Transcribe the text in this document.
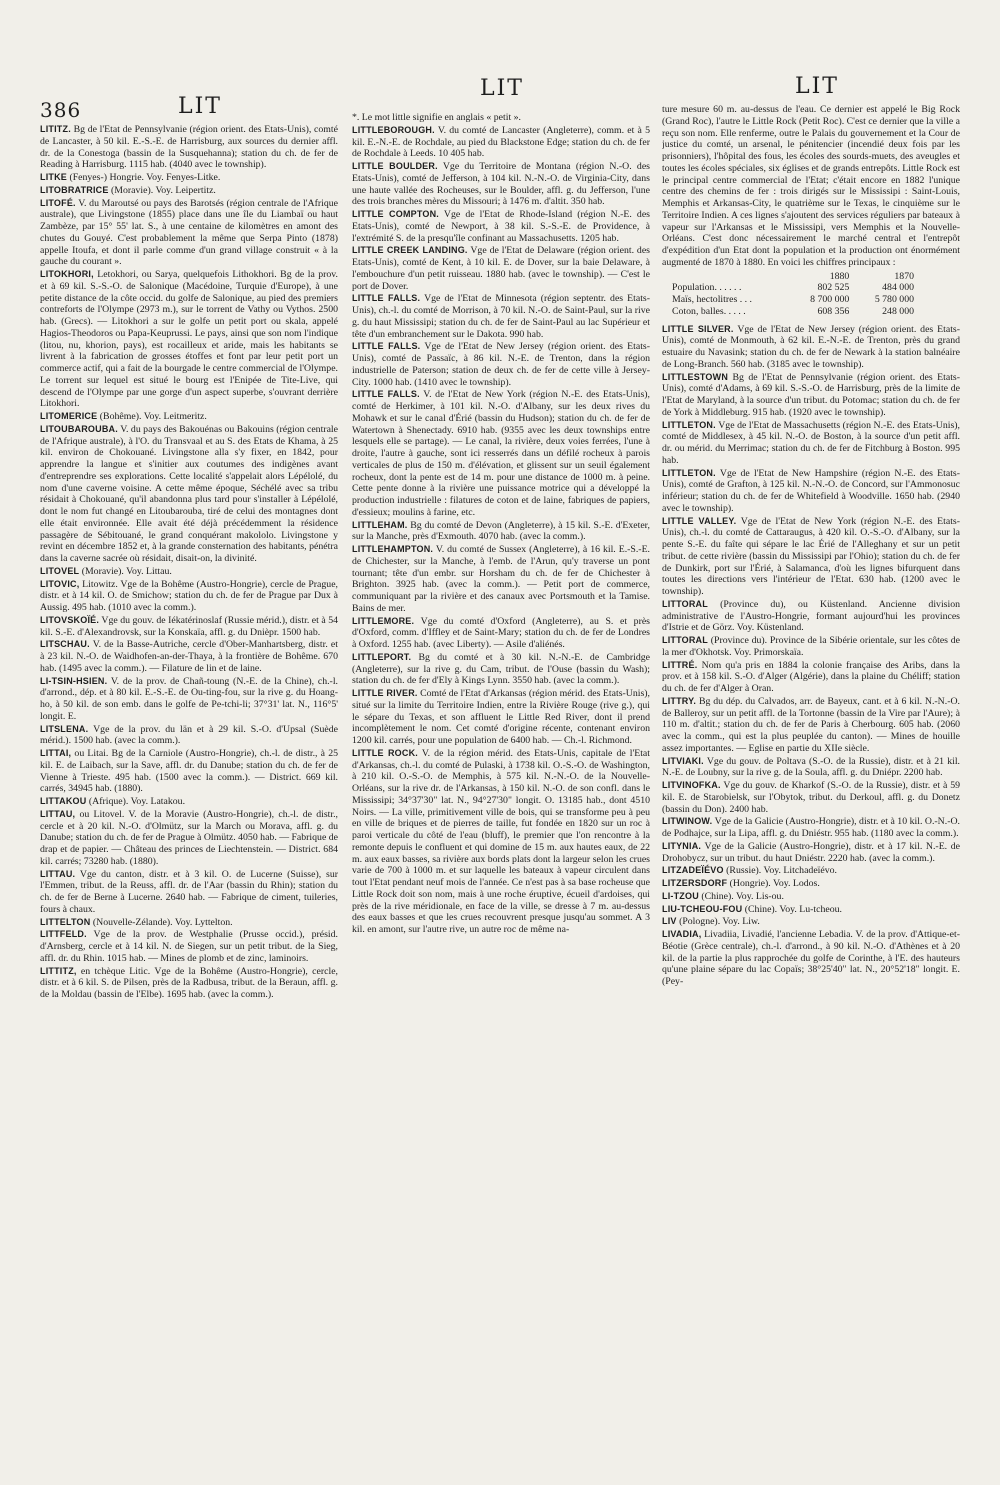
386	LIT
LIT	LIT

LITITZ. Bg de l'Etat de Pennsylvanie (région orient. des Etats-Unis), comté de Lancaster, à 50 kil. E.-S.-E. de Harrisburg, aux sources du dernier affl. dr. de la Conestoga (bassin de la Susquehanna); station du ch. de fer de Reading à Harrisburg. 1115 hab. (4040 avec le township).

LITKE (Fenyes-) Hongrie. Voy. Fenyes-Litke.

LITOBRATRICE (Moravie). Voy. Leipertitz.

LITOFÉ. V. du Maroutsé ou pays des Barotsés (région centrale de l'Afrique australe), que Livingstone (1855) place dans une île du Liambaï ou haut Zambèze, par 15° 55' lat. S., à une centaine de kilomètres en amont des chutes du Gouyé. C'est probablement la même que Serpa Pinto (1878) appelle Itoufa, et dont il parle comme d'un grand village construit « à la gauche du courant ».

LITOKHORI, Letokhori, ou Sarya, quelquefois Lithokhori. Bg de la prov. et à 69 kil. S.-S.-O. de Salonique (Macédoine, Turquie d'Europe), à une petite distance de la côte occid. du golfe de Salonique, au pied des premiers contreforts de l'Olympe (2973 m.), sur le torrent de Vathy ou Vythos. 2500 hab. (Grecs). — Litokhori a sur le golfe un petit port ou skala, appelé Hagios-Theodoros ou Papa-Keuprussi. Le pays, ainsi que son nom l'indique (litou, nu, khorion, pays), est rocailleux et aride, mais les habitants se livrent à la fabrication de grosses étoffes et font par leur petit port un commerce actif, qui a fait de la bourgade le centre commercial de l'Olympe. Le torrent sur lequel est situé le bourg est l'Enipée de Tite-Live, qui descend de l'Olympe par une gorge d'un aspect superbe, s'ouvrant derrière Litokhori.

LITOMERICE (Bohême). Voy. Leitmeritz.

LITOUBAROUBA. V. du pays des Bakouénas ou Bakouins (région centrale de l'Afrique australe), à l'O. du Transvaal et au S. des Etats de Khama, à 25 kil. environ de Chokouané. Livingstone alla s'y fixer, en 1842, pour apprendre la langue et s'initier aux coutumes des indigènes avant d'entreprendre ses explorations. Cette localité s'appelait alors Lépélolé, du nom d'une caverne voisine. A cette même époque, Séchélé avec sa tribu résidait à Chokouané, qu'il abandonna plus tard pour s'installer à Lépélolé, dont le nom fut changé en Litoubarouba, tiré de celui des montagnes dont elle était environnée. Elle avait été déjà précédemment la résidence passagère de Sébitouané, le grand conquérant makololo. Livingstone y revint en décembre 1852 et, à la grande consternation des habitants, pénétra dans la caverne sacrée où résidait, disait-on, la divinité.

LITOVEL (Moravie). Voy. Littau.

LITOVIC, Litowitz. Vge de la Bohême (Austro-Hongrie), cercle de Prague, distr. et à 14 kil. O. de Smichow; station du ch. de fer de Prague par Dux à Aussig. 495 hab. (1010 avec la comm.).

LITOVSKOÏÉ. Vge du gouv. de Iékatérinoslaf (Russie mérid.), distr. et à 54 kil. S.-E. d'Alexandrovsk, sur la Konskaïa, affl. g. du Dnièpr. 1500 hab.

LITSCHAU. V. de la Basse-Autriche, cercle d'Ober-Manhartsberg, distr. et à 23 kil. N.-O. de Waidhofen-an-der-Thaya, à la frontière de Bohême. 670 hab. (1495 avec la comm.). — Filature de lin et de laine.

LI-TSIN-HSIEN. V. de la prov. de Chañ-toung (N.-E. de la Chine), ch.-l. d'arrond., dép. et à 80 kil. E.-S.-E. de Ou-ting-fou, sur la rive g. du Hoang-ho, à 50 kil. de son emb. dans le golfe de Pe-tchi-li; 37°31' lat. N., 116°5' longit. E.

LITSLENA. Vge de la prov. du län et à 29 kil. S.-O. d'Upsal (Suède mérid.). 1500 hab. (avec la comm.).

LITTAI, ou Litai. Bg de la Carniole (Austro-Hongrie), ch.-l. de distr., à 25 kil. E. de Laibach, sur la Save, affl. dr. du Danube; station du ch. de fer de Vienne à Trieste. 495 hab. (1500 avec la comm.). — District. 669 kil. carrés, 34945 hab. (1880).

LITTAKOU (Afrique). Voy. Latakou.

LITTAU, ou Litovel. V. de la Moravie (Austro-Hongrie), ch.-l. de distr., cercle et à 20 kil. N.-O. d'Olmütz, sur la March ou Morava, affl. g. du Danube; station du ch. de fer de Prague à Olmütz. 4050 hab. — Fabrique de drap et de papier. — Château des princes de Liechtenstein. — District. 684 kil. carrés; 73280 hab. (1880).

LITTAU. Vge du canton, distr. et à 3 kil. O. de Lucerne (Suisse), sur l'Emmen, tribut. de la Reuss, affl. dr. de l'Aar (bassin du Rhin); station du ch. de fer de Berne à Lucerne. 2640 hab. — Fabrique de ciment, tuileries, fours à chaux.

LITTELTON (Nouvelle-Zélande). Voy. Lyttelton.

LITTFELD. Vge de la prov. de Westphalie (Prusse occid.), présid. d'Arnsberg, cercle et à 14 kil. N. de Siegen, sur un petit tribut. de la Sieg, affl. dr. du Rhin. 1015 hab. — Mines de plomb et de zinc, laminoirs.

LITTITZ, en tchèque Litic. Vge de la Bohême (Austro-Hongrie), cercle, distr. et à 6 kil. S. de Pilsen, près de la Radbusa, tribut. de la Beraun, affl. g. de la Moldau (bassin de l'Elbe). 1695 hab. (avec la comm.).

*. Le mot little signifie en anglais « petit ».

LITTLEBOROUGH. V. du comté de Lancaster (Angleterre), comm. et à 5 kil. E.-N.-E. de Rochdale, au pied du Blackstone Edge; station du ch. de fer de Rochdale à Leeds. 10 405 hab.

LITTLE BOULDER. Vge du Territoire de Montana (région N.-O. des Etats-Unis), comté de Jefferson, à 104 kil. N.-N.-O. de Virginia-City, dans une haute vallée des Rocheuses, sur le Boulder, affl. g. du Jefferson, l'une des trois branches mères du Missouri; à 1476 m. d'altit. 350 hab.

LITTLE COMPTON. Vge de l'Etat de Rhode-Island (région N.-E. des Etats-Unis), comté de Newport, à 38 kil. S.-S.-E. de Providence, à l'extrémité S. de la presqu'île confinant au Massachusetts. 1205 hab.

LITTLE CREEK LANDING. Vge de l'Etat de Delaware (région orient. des Etats-Unis), comté de Kent, à 10 kil. E. de Dover, sur la baie Delaware, à l'embouchure d'un petit ruisseau. 1880 hab. (avec le township). — C'est le port de Dover.

LITTLE FALLS. Vge de l'Etat de Minnesota (région septentr. des Etats-Unis), ch.-l. du comté de Morrison, à 70 kil. N.-O. de Saint-Paul, sur la rive g. du haut Mississipi; station du ch. de fer de Saint-Paul au lac Supérieur et tête d'un embranchement sur le Dakota. 990 hab.

LITTLE FALLS. Vge de l'Etat de New Jersey (région orient. des Etats-Unis), comté de Passaïc, à 86 kil. N.-E. de Trenton, dans la région industrielle de Paterson; station de deux ch. de fer de cette ville à Jersey-City. 1000 hab. (1410 avec le township).

LITTLE FALLS. V. de l'Etat de New York (région N.-E. des Etats-Unis), comté de Herkimer, à 101 kil. N.-O. d'Albany, sur les deux rives du Mohawk et sur le canal d'Érié (bassin du Hudson); station du ch. de fer de Watertown à Shenectady. 6910 hab. (9355 avec les deux townships entre lesquels elle se partage). — Le canal, la rivière, deux voies ferrées, l'une à droite, l'autre à gauche, sont ici resserrés dans un défilé rocheux à parois verticales de plus de 150 m. d'élévation, et glissent sur un seuil également rocheux, dont la pente est de 14 m. pour une distance de 1000 m. à peine. Cette pente donne à la rivière une puissance motrice qui a développé la production industrielle : filatures de coton et de laine, fabriques de papiers, d'essieux; moulins à farine, etc.

LITTLEHAM. Bg du comté de Devon (Angleterre), à 15 kil. S.-E. d'Exeter, sur la Manche, près d'Exmouth. 4070 hab. (avec la comm.).

LITTLEHAMPTON. V. du comté de Sussex (Angleterre), à 16 kil. E.-S.-E. de Chichester, sur la Manche, à l'emb. de l'Arun, qu'y traverse un pont tournant; tête d'un embr. sur Horsham du ch. de fer de Chichester à Brighton. 3925 hab. (avec la comm.). — Petit port de commerce, communiquant par la rivière et des canaux avec Portsmouth et la Tamise. Bains de mer.

LITTLEMORE. Vge du comté d'Oxford (Angleterre), au S. et près d'Oxford, comm. d'Iffley et de Saint-Mary; station du ch. de fer de Londres à Oxford. 1255 hab. (avec Liberty). — Asile d'aliénés.

LITTLEPORT. Bg du comté et à 30 kil. N.-N.-E. de Cambridge (Angleterre), sur la rive g. du Cam, tribut. de l'Ouse (bassin du Wash); station du ch. de fer d'Ely à Kings Lynn. 3550 hab. (avec la comm.).

LITTLE RIVER. Comté de l'Etat d'Arkansas (région mérid. des Etats-Unis), situé sur la limite du Territoire Indien, entre la Rivière Rouge (rive g.), qui le sépare du Texas, et son affluent le Little Red River, dont il prend incomplètement le nom. Cet comté d'origine récente, contenant environ 1200 kil. carrés, pour une population de 6400 hab. — Ch.-l. Richmond.

LITTLE ROCK. V. de la région mérid. des Etats-Unis, capitale de l'Etat d'Arkansas, ch.-l. du comté de Pulaski, à 1738 kil. O.-S.-O. de Washington, à 210 kil. O.-S.-O. de Memphis, à 575 kil. N.-N.-O. de la Nouvelle-Orléans, sur la rive dr. de l'Arkansas, à 150 kil. N.-O. de son confl. dans le Mississipi; 34°37'30" lat. N., 94°27'30" longit. O. 13185 hab., dont 4510 Noirs. — La ville, primitivement ville de bois, qui se transforme peu à peu en ville de briques et de pierres de taille, fut fondée en 1820 sur un roc à paroi verticale du côté de l'eau (bluff), le premier que l'on rencontre à la remonte depuis le confluent et qui domine de 15 m. aux hautes eaux, de 22 m. aux eaux basses, sa rivière aux bords plats dont la largeur selon les crues varie de 700 à 1000 m. et sur laquelle les bateaux à vapeur circulent dans tout l'Etat pendant neuf mois de l'année. Ce n'est pas à sa base rocheuse que Little Rock doit son nom, mais à une roche éruptive, écueil d'ardoises, qui près de la rive méridionale, en face de la ville, se dresse à 7 m. au-dessus des eaux basses et que les crues recouvrent presque jusqu'au sommet. A 3 kil. en amont, sur l'autre rive, un autre roc de même na-

ture mesure 60 m. au-dessus de l'eau. Ce dernier est appelé le Big Rock (Grand Roc), l'autre le Little Rock (Petit Roc). C'est ce dernier que la ville a reçu son nom. Elle renferme, outre le Palais du gouvernement et la Cour de justice du comté, un arsenal, le pénitencier (incendié deux fois par les prisonniers), l'hôpital des fous, les écoles des sourds-muets, des aveugles et toutes les écoles spéciales, six églises et de grands entrepôts. Little Rock est le principal centre commercial de l'Etat; c'était encore en 1882 l'unique centre des chemins de fer : trois dirigés sur le Mississipi : Saint-Louis, Memphis et Arkansas-City, le quatrième sur le Texas, le cinquième sur le Territoire Indien. A ces lignes s'ajoutent des services réguliers par bateaux à vapeur sur l'Arkansas et le Mississipi, vers Memphis et la Nouvelle-Orléans. C'est donc nécessairement le marché central et l'entrepôt d'expédition d'un Etat dont la population et la production ont énormément augmenté de 1870 à 1880. En voici les chiffres principaux :

	1880	1870
Population. . . . . .	802 525	484 000
Maïs, hectolitres . . .	8 700 000	5 780 000
Coton, balles. . . . .	608 356	248 000

LITTLE SILVER. Vge de l'Etat de New Jersey (région orient. des Etats-Unis), comté de Monmouth, à 62 kil. E.-N.-E. de Trenton, près du grand estuaire du Navasink; station du ch. de fer de Newark à la station balnéaire de Long-Branch. 560 hab. (3185 avec le township).

LITTLESTOWN Bg de l'Etat de Pennsylvanie (région orient. des Etats-Unis), comté d'Adams, à 69 kil. S.-S.-O. de Harrisburg, près de la limite de l'Etat de Maryland, à la source d'un tribut. du Potomac; station du ch. de fer de York à Middleburg. 915 hab. (1920 avec le township).

LITTLETON. Vge de l'Etat de Massachusetts (région N.-E. des Etats-Unis), comté de Middlesex, à 45 kil. N.-O. de Boston, à la source d'un petit affl. dr. ou mérid. du Merrimac; station du ch. de fer de Fitchburg à Boston. 995 hab.

LITTLETON. Vge de l'Etat de New Hampshire (région N.-E. des Etats-Unis), comté de Grafton, à 125 kil. N.-N.-O. de Concord, sur l'Ammonosuc inférieur; station du ch. de fer de Whitefield à Woodville. 1650 hab. (2940 avec le township).

LITTLE VALLEY. Vge de l'Etat de New York (région N.-E. des Etats-Unis), ch.-l. du comté de Cattaraugus, à 420 kil. O.-S.-O. d'Albany, sur la pente S.-E. du faîte qui sépare le lac Érié de l'Alleghany et sur un petit tribut. de cette rivière (bassin du Mississipi par l'Ohio); station du ch. de fer de Dunkirk, port sur l'Érié, à Salamanca, d'où les lignes bifurquent dans toutes les directions vers l'intérieur de l'Etat. 630 hab. (1200 avec le township).

LITTORAL (Province du), ou Küstenland. Ancienne division administrative de l'Austro-Hongrie, formant aujourd'hui les provinces d'Istrie et de Görz. Voy. Küstenland.

LITTORAL (Province du). Province de la Sibérie orientale, sur les côtes de la mer d'Okhotsk. Voy. Primorskaïa.

LITTRÉ. Nom qu'a pris en 1884 la colonie française des Aribs, dans la prov. et à 158 kil. S.-O. d'Alger (Algérie), dans la plaine du Chéliff; station du ch. de fer d'Alger à Oran.

LITTRY. Bg du dép. du Calvados, arr. de Bayeux, cant. et à 6 kil. N.-N.-O. de Balleroy, sur un petit affl. de la Tortonne (bassin de la Vire par l'Aure); à 110 m. d'altit.; station du ch. de fer de Paris à Cherbourg. 605 hab. (2060 avec la comm., qui est la plus peuplée du canton). — Mines de houille assez importantes. — Eglise en partie du XIIe siècle.

LITVIAKI. Vge du gouv. de Poltava (S.-O. de la Russie), distr. et à 21 kil. N.-E. de Loubny, sur la rive g. de la Soula, affl. g. du Dniépr. 2200 hab.

LITVINOFKA. Vge du gouv. de Kharkof (S.-O. de la Russie), distr. et à 59 kil. E. de Starobielsk, sur l'Obytok, tribut. du Derkoul, affl. g. du Donetz (bassin du Don). 2400 hab.

LITWINOW. Vge de la Galicie (Austro-Hongrie), distr. et à 10 kil. O.-N.-O. de Podhajce, sur la Lipa, affl. g. du Dniéstr. 955 hab. (1180 avec la comm.).

LITYNIA. Vge de la Galicie (Austro-Hongrie), distr. et à 17 kil. N.-E. de Drohobycz, sur un tribut. du haut Dniéstr. 2220 hab. (avec la comm.).

LITZADEÏÉVO (Russie). Voy. Litchadeïévo.

LITZERSDORF (Hongrie). Voy. Lodos.

LI-TZOU (Chine). Voy. Lis-ou.

LIU-TCHEOU-FOU (Chine). Voy. Lu-tcheou.

LIV (Pologne). Voy. Liw.

LIVADIA, Livadiia, Livadié, l'ancienne Lebadia. V. de la prov. d'Attique-et-Béotie (Grèce centrale), ch.-l. d'arrond., à 90 kil. N.-O. d'Athènes et à 20 kil. de la partie la plus rapprochée du golfe de Corinthe, à l'E. des hauteurs qu'une plaine sépare du lac Copaïs; 38°25'40" lat. N., 20°52'18" longit. E. (Pey-
